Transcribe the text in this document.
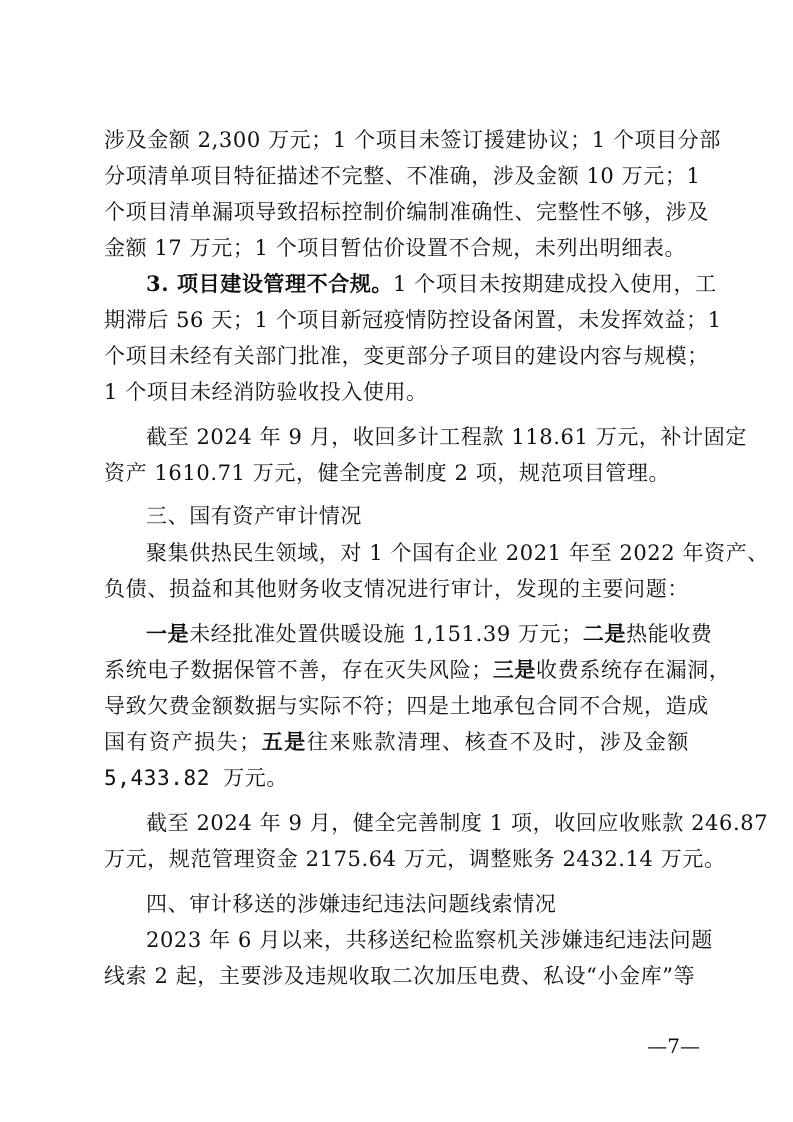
涉及金额 2,300 万元；1 个项目未签订援建协议；1 个项目分部
分项清单项目特征描述不完整、不准确，涉及金额 10 万元；1
个项目清单漏项导致招标控制价编制准确性、完整性不够，涉及
金额 17 万元；1 个项目暂估价设置不合规，未列出明细表。
3. 项目建设管理不合规。1 个项目未按期建成投入使用，工
期滞后 56 天；1 个项目新冠疫情防控设备闲置，未发挥效益；1
个项目未经有关部门批准，变更部分子项目的建设内容与规模；
1 个项目未经消防验收投入使用。
截至 2024 年 9 月，收回多计工程款 118.61 万元，补计固定
资产 1610.71 万元，健全完善制度 2 项，规范项目管理。
三、国有资产审计情况
聚集供热民生领域，对 1 个国有企业 2021 年至 2022 年资产、
负债、损益和其他财务收支情况进行审计，发现的主要问题：
一是未经批准处置供暖设施 1,151.39 万元；二是热能收费
系统电子数据保管不善，存在灭失风险；三是收费系统存在漏洞，
导致欠费金额数据与实际不符；四是土地承包合同不合规，造成
国有资产损失；五是往来账款清理、核查不及时，涉及金额
5,433.82 万元。
截至 2024 年 9 月，健全完善制度 1 项，收回应收账款 246.87
万元，规范管理资金 2175.64 万元，调整账务 2432.14 万元。
四、审计移送的涉嫌违纪违法问题线索情况
2023 年 6 月以来，共移送纪检监察机关涉嫌违纪违法问题
线索 2 起，主要涉及违规收取二次加压电费、私设“小金库”等
—7—
